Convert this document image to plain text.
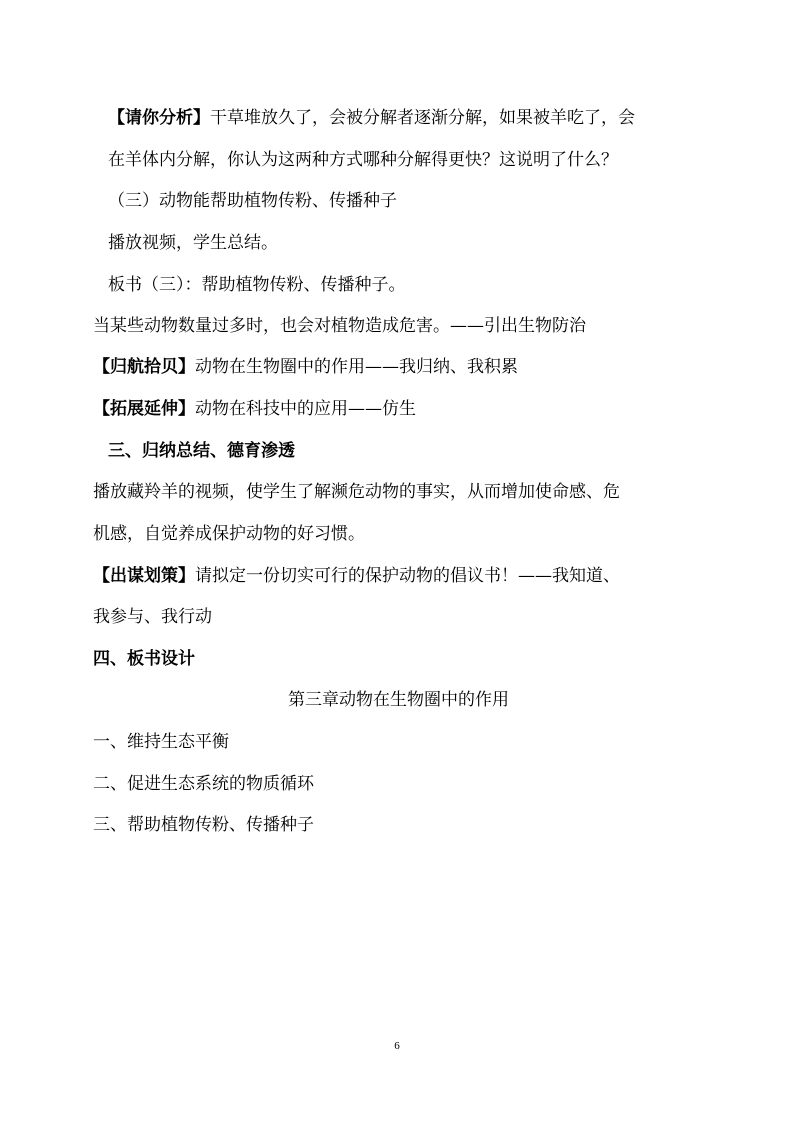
【请你分析】干草堆放久了，会被分解者逐渐分解，如果被羊吃了，会
在羊体内分解，你认为这两种方式哪种分解得更快？这说明了什么？
（三）动物能帮助植物传粉、传播种子
播放视频，学生总结。
板书（三）：帮助植物传粉、传播种子。
当某些动物数量过多时，也会对植物造成危害。——引出生物防治
【归航拾贝】动物在生物圈中的作用——我归纳、我积累
【拓展延伸】动物在科技中的应用——仿生
三、归纳总结、德育渗透
播放藏羚羊的视频，使学生了解濒危动物的事实，从而增加使命感、危
机感，自觉养成保护动物的好习惯。
【出谋划策】请拟定一份切实可行的保护动物的倡议书！——我知道、
我参与、我行动
四、板书设计
第三章动物在生物圈中的作用
一、维持生态平衡
二、促进生态系统的物质循环
三、帮助植物传粉、传播种子
6
